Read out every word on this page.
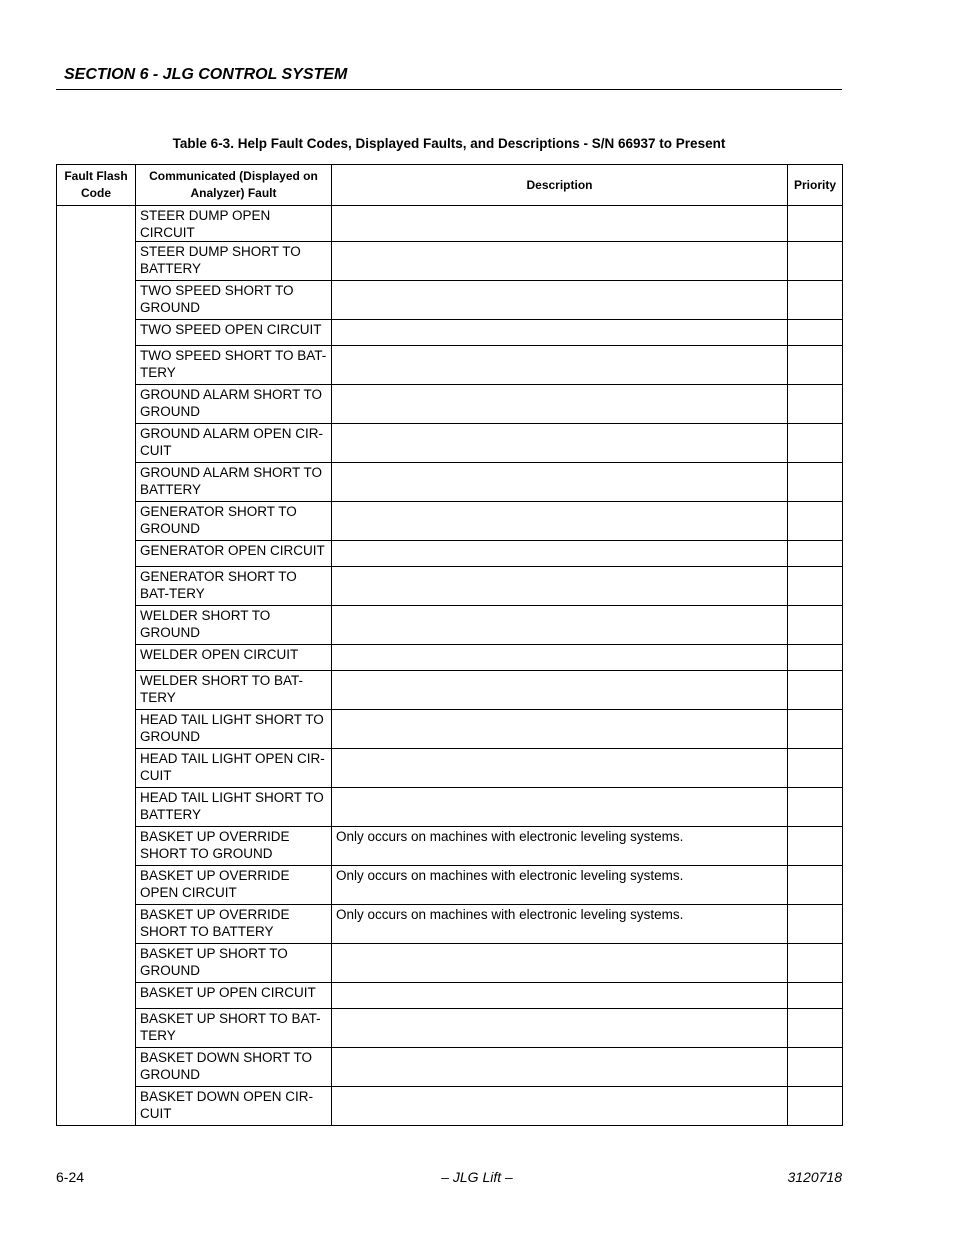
SECTION 6 - JLG CONTROL SYSTEM
Table 6-3. Help Fault Codes, Displayed Faults, and Descriptions - S/N 66937 to Present
Fault Flash Code	Communicated (Displayed on Analyzer) Fault	Description	Priority
	STEER DUMP OPEN CIRCUIT		
	STEER DUMP SHORT TO BATTERY		
	TWO SPEED SHORT TO GROUND		
	TWO SPEED OPEN CIRCUIT		
	TWO SPEED SHORT TO BAT-TERY		
	GROUND ALARM SHORT TO GROUND		
	GROUND ALARM OPEN CIR-CUIT		
	GROUND ALARM SHORT TO BATTERY		
	GENERATOR SHORT TO GROUND		
	GENERATOR OPEN CIRCUIT		
	GENERATOR SHORT TO BAT-TERY		
	WELDER SHORT TO GROUND		
	WELDER OPEN CIRCUIT		
	WELDER SHORT TO BAT-TERY		
	HEAD TAIL LIGHT SHORT TO GROUND		
	HEAD TAIL LIGHT OPEN CIR-CUIT		
	HEAD TAIL LIGHT SHORT TO BATTERY		
	BASKET UP OVERRIDE SHORT TO GROUND	Only occurs on machines with electronic leveling systems.	
	BASKET UP OVERRIDE OPEN CIRCUIT	Only occurs on machines with electronic leveling systems.	
	BASKET UP OVERRIDE SHORT TO BATTERY	Only occurs on machines with electronic leveling systems.	
	BASKET UP SHORT TO GROUND		
	BASKET UP OPEN CIRCUIT		
	BASKET UP SHORT TO BAT-TERY		
	BASKET DOWN SHORT TO GROUND		
	BASKET DOWN OPEN CIR-CUIT		
6-24	– JLG Lift –	3120718
